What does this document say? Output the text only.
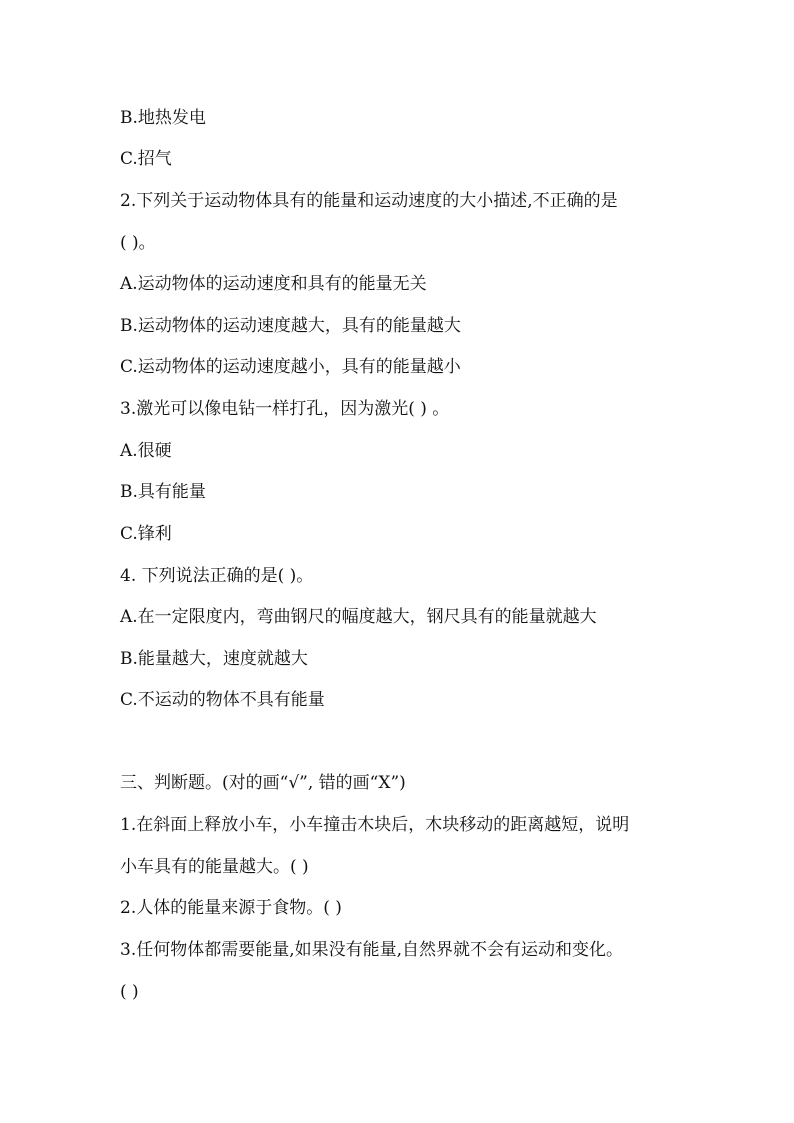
B.地热发电
C.招气
2.下列关于运动物体具有的能量和运动速度的大小描述,不正确的是
( )。
A.运动物体的运动速度和具有的能量无关
B.运动物体的运动速度越大，具有的能量越大
C.运动物体的运动速度越小，具有的能量越小
3.激光可以像电钻一样打孔，因为激光( ) 。
A.很硬
B.具有能量
C.锋利
4. 下列说法正确的是( )。
A.在一定限度内，弯曲钢尺的幅度越大，钢尺具有的能量就越大
B.能量越大，速度就越大
C.不运动的物体不具有能量
三、判断题。(对的画“√”, 错的画“X”)
1.在斜面上释放小车，小车撞击木块后，木块移动的距离越短，说明
小车具有的能量越大。( )
2.人体的能量来源于食物。( )
3.任何物体都需要能量,如果没有能量,自然界就不会有运动和变化。
( )
